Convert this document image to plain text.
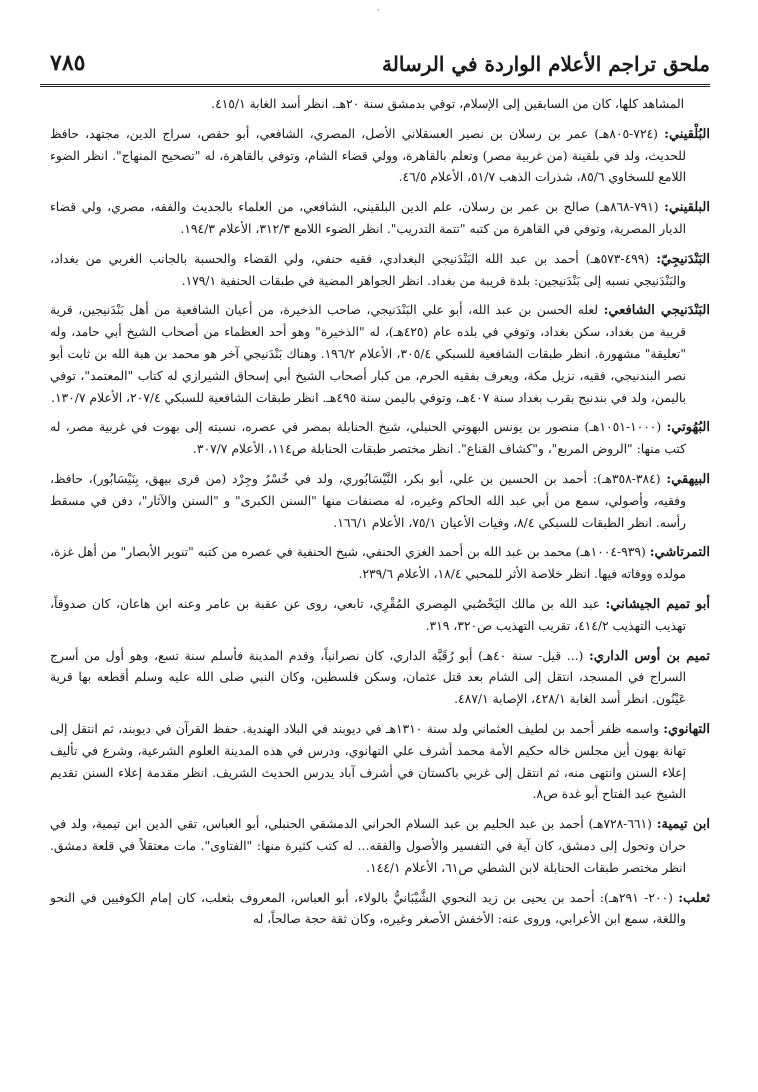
٬
٧٨٥	ملحق تراجم الأعلام الواردة في الرسالة

المشاهد كلها، كان من السابقين إلى الإسلام، توفي بدمشق سنة ٢٠هـ. انظر أسد الغابة ٤١٥/١.

البُلْقيني: (٧٢٤-٨٠٥هـ) عمر بن رسلان بن نصير العسقلاني الأصل، المصري، الشافعي، أبو حفص، سراج الدين، مجتهد، حافظ للحديث، ولد في بلقينة (من غربية مصر) وتعلم بالقاهرة، وولي قضاء الشام، وتوفي بالقاهرة، له "تصحيح المنهاج". انظر الضوء اللامع للسخاوي ٨٥/٦، شذرات الذهب ٥١/٧، الأعلام ٤٦/٥.

البلقيني: (٧٩١-٨٦٨هـ) صالح بن عمر بن رسلان، علم الدين البلقيني، الشافعي، من العلماء بالحديث والفقه، مصري، ولي قضاء الديار المصرية، وتوفي في القاهرة من كتبه "تتمة التدريب". انظر الضوء اللامع ٣١٢/٣، الأعلام ١٩٤/٣.

البَنْدَنيجِيّ: (٤٩٩-٥٧٣هـ) أحمد بن عبد الله البَنْدَنيجي البغدادي، فقيه حنفي، ولي القضاء والحسبة بالجانب الغربي من بغداد، والبَنْدَنيجي نسبه إلى بَنْدَنيجين: بلدة قريبة من بغداد. انظر الجواهر المضية في طبقات الحنفية ١٧٩/١.

البَنْدَنيجي الشافعي: لعله الحسن بن عبد الله، أبو علي البَنْدَنيجي، صاحب الذخيرة، من أعيان الشافعية من أهل بَنْدَنيجين، قرية قريبة من بغداد، سكن بغداد، وتوفي في بلده عام (٤٢٥هـ)، له "الذخيرة" وهو أحد العظماء من أصحاب الشيخ أبي حامد، وله "تعليقة" مشهورة. انظر طبقات الشافعية للسبكي ٣٠٥/٤، الأعلام ١٩٦/٢. وهناك بَنْدَنيجي آخر هو محمد بن هبة الله بن ثابت أبو نصر البندنيجي، فقيه، نزيل مكة، ويعرف بفقيه الحرم، من كبار أصحاب الشيخ أبي إسحاق الشيرازي له كتاب "المعتمد"، توفي باليمن، ولد في بندنيج بقرب بغداد سنة ٤٠٧هـ، وتوفي باليمن سنة ٤٩٥هـ. انظر طبقات الشافعية للسبكي ٢٠٧/٤، الأعلام ١٣٠/٧.

البُهُوتي: (١٠٠٠-١٠٥١هـ) منصور بن يونس البهوتي الحنبلي، شيخ الحنابلة بمصر في عصره، نسبته إلى بهوت في غربية مصر، له كتب منها: "الروض المربع"، و"كشاف القناع". انظر مختصر طبقات الحنابلة ص١١٤، الأعلام ٣٠٧/٧.

البيهقي: (٣٨٤-٣٥٨هـ): أحمد بن الحسين بن علي، أبو بكر، النَّيْسَابُوري، ولد في خُسْرُ وجِرْد (من قرى بيهق، بِنَيْسَابُور)، حافظ، وفقيه، وأصولي، سمع من أبي عبد الله الحاكم وغيره، له مصنفات منها "السنن الكبرى" و "السنن والآثار"، دفن في مسقط رأسه. انظر الطبقات للسبكي ٨/٤، وفيات الأعيان ٧٥/١، الأعلام ١٦٦/١.

التمرتاشي: (٩٣٩-١٠٠٤هـ) محمد بن عبد الله بن أحمد الغزي الحنفي، شيخ الحنفية في عصره من كتبه "تنوير الأبصار" من أهل غزة، مولده ووفاته فيها. انظر خلاصة الأثر للمحبي ١٨/٤، الأعلام ٢٣٩/٦.

أبو تميم الجيشاني: عبد الله بن مالك اليَحْصُبي المِصري المُقْرِي، تابعي، روى عن عقبة بن عامر وعنه ابن هاعان، كان صدوقاً، تهذيب التهذيب ٤١٤/٢، تقريب التهذيب ص٣٢٠، ٣١٩.

تميم بن أوس الداري: (... قيل- سنة ٤٠هـ) أبو رُقَيَّة الداري، كان نصرانياً، وقدم المدينة فأسلم سنة تسع، وهو أول من أسرج السراج في المسجد، انتقل إلى الشام بعد قتل عثمان، وسكن فلسطين، وكان النبي صلى الله عليه وسلم أقطعه بها قرية عَيْنُون. انظر أسد الغابة ٤٢٨/١، الإصابة ٤٨٧/١.

التهانوي: واسمه ظفر أحمد بن لطيف العثماني ولد سنة ١٣١٠هـ في ديوبند في البلاد الهندية. حفظ القرآن في ديوبند، ثم انتقل إلى تهانة بهون أين مجلس خاله حكيم الأمة محمد أشرف علي التهانوي، ودرس في هذه المدينة العلوم الشرعية، وشرع في تأليف إعلاء السنن وانتهى منه، ثم انتقل إلى غربي باكستان في أشرف آباد يدرس الحديث الشريف. انظر مقدمة إعلاء السنن تقديم الشيخ عبد الفتاح أبو غدة ص٨.

ابن تيمية: (٦٦١-٧٢٨هـ) أحمد بن عبد الحليم بن عبد السلام الحراني الدمشقي الحنبلي، أبو العباس، تقي الدين ابن تيمية، ولد في حران وتحول إلى دمشق، كان آية في التفسير والأصول والفقه... له كتب كثيرة منها: "الفتاوى". مات معتقلاً في قلعة دمشق. انظر مختصر طبقات الحنابلة لابن الشطي ص٦١، الأعلام ١٤٤/١.

ثعلب: (٢٠٠- ٢٩١هـ): أحمد بن يحيى بن زيد النحوي الشَّيْبَانيُّ بالولاء، أبو العباس، المعروف بثعلب، كان إمام الكوفيين في النحو واللغة، سمع ابن الأعرابي، وروى عنه: الأخفش الأصغر وغيره، وكان ثقة حجة صالحاً، له
